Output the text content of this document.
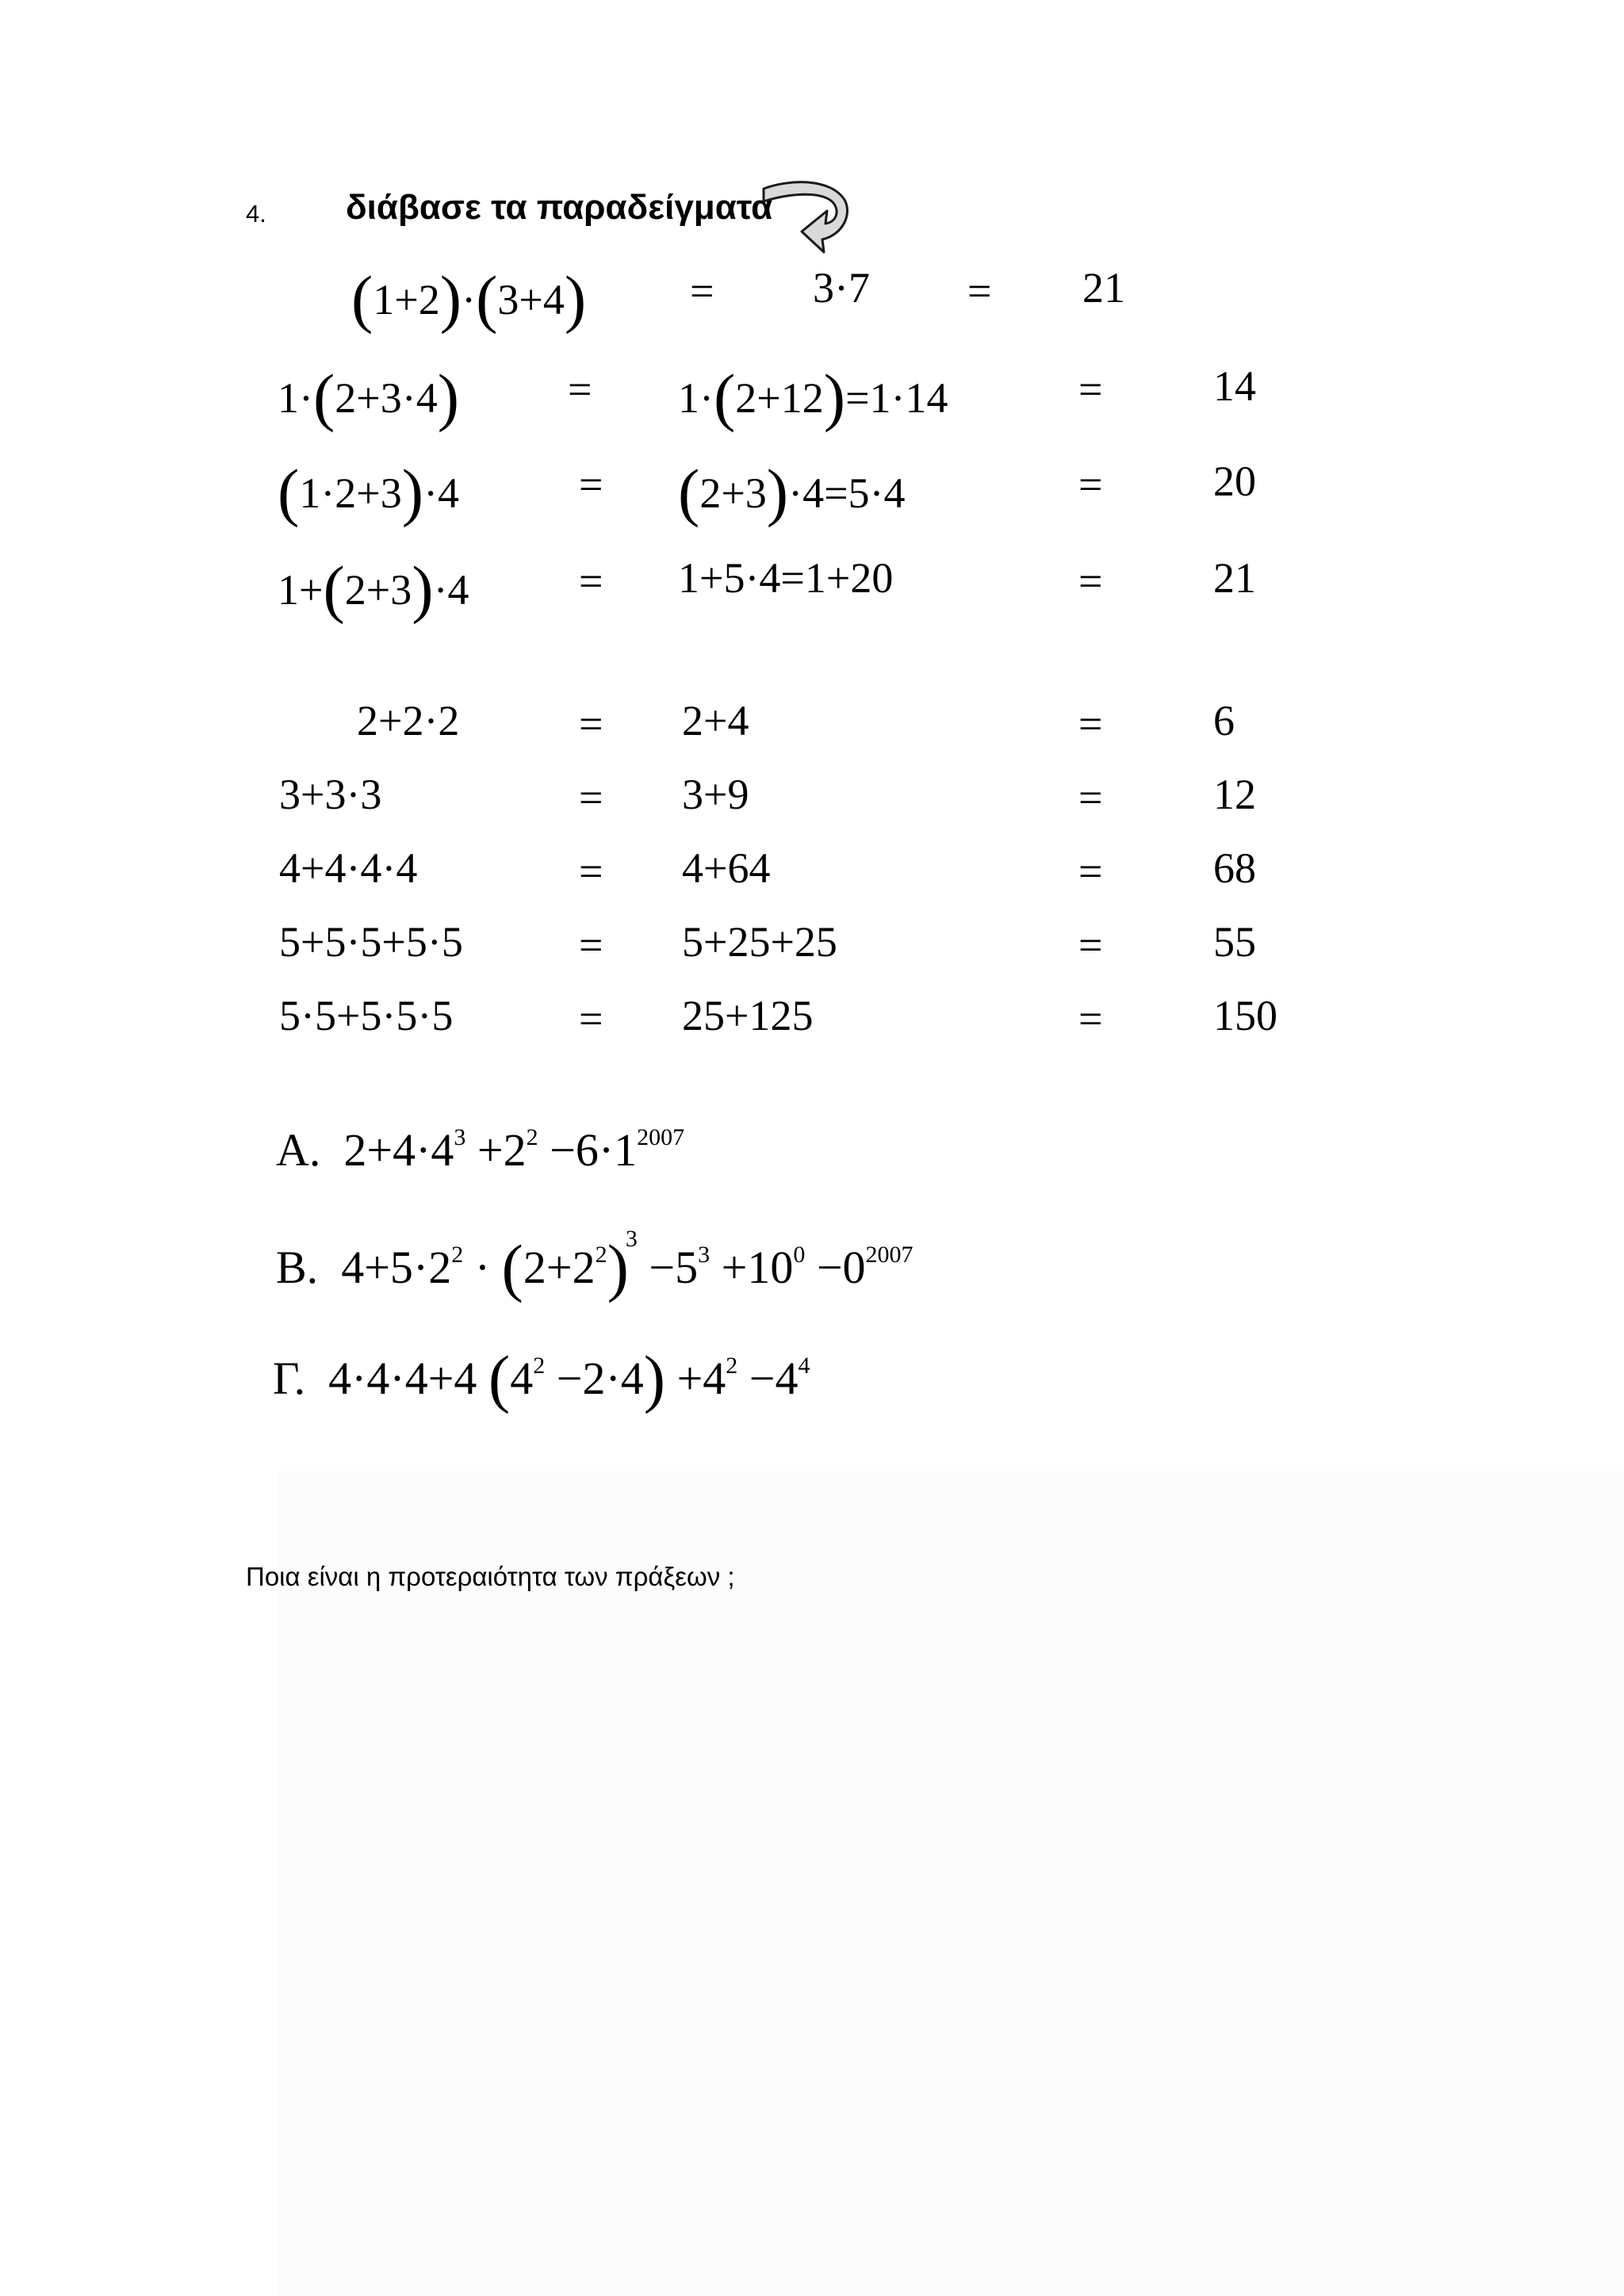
4. διάβασε τα παραδείγματα
(1+2)·(3+4) = 3·7 = 21
1·(2+3·4)	= 1·(2+12)=1·14	=	14
(1·2+3)·4	= (2+3)·4=5·4	=	20
1+(2+3)·4	= 1+5·4=1+20	=	21
2+2·2	= 2+4	=	6
3+3·3	= 3+9	=	12
4+4·4·4	= 4+64	=	68
5+5·5+5·5	= 5+25+25	=	55
5·5+5·5·5	= 25+125	=	150
A. $2+4\cdot 4^3 +2^2 -6\cdot 1^{2007}$
B. $4+5\cdot 2^2 \cdot (2+2^2)^3 -5^3 +10^0 -0^{2007}$
Γ. 4·4·4+4 $(4^2 -2\cdot 4) +4^2 -4^4$
Ποια είναι η προτεραιότητα των πράξεων ;
